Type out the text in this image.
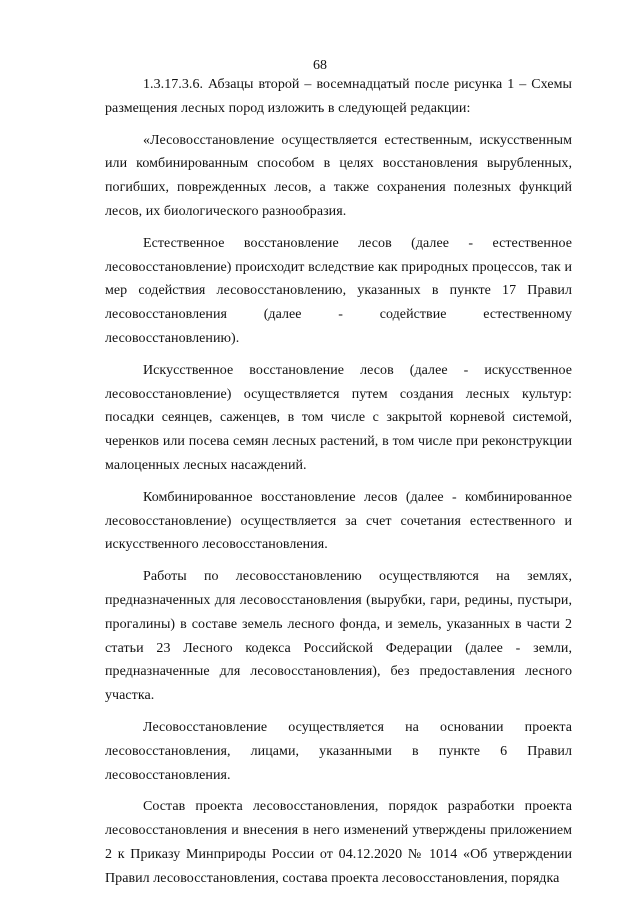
68

1.3.17.3.6. Абзацы второй – восемнадцатый после рисунка 1 – Схемы размещения лесных пород изложить в следующей редакции:

«Лесовосстановление осуществляется естественным, искусственным или комбинированным способом в целях восстановления вырубленных, погибших, поврежденных лесов, а также сохранения полезных функций лесов, их биологического разнообразия.

Естественное восстановление лесов (далее - естественное лесовосстановление) происходит вследствие как природных процессов, так и мер содействия лесовосстановлению, указанных в пункте 17 Правил лесовосстановления (далее - содействие естественному лесовосстановлению).

Искусственное восстановление лесов (далее - искусственное лесовосстановление) осуществляется путем создания лесных культур: посадки сеянцев, саженцев, в том числе с закрытой корневой системой, черенков или посева семян лесных растений, в том числе при реконструкции малоценных лесных насаждений.

Комбинированное восстановление лесов (далее - комбинированное лесовосстановление) осуществляется за счет сочетания естественного и искусственного лесовосстановления.

Работы по лесовосстановлению осуществляются на землях, предназначенных для лесовосстановления (вырубки, гари, редины, пустыри, прогалины) в составе земель лесного фонда, и земель, указанных в части 2 статьи 23 Лесного кодекса Российской Федерации (далее - земли, предназначенные для лесовосстановления), без предоставления лесного участка.

Лесовосстановление осуществляется на основании проекта лесовосстановления, лицами, указанными в пункте 6 Правил лесовосстановления.

Состав проекта лесовосстановления, порядок разработки проекта лесовосстановления и внесения в него изменений утверждены приложением 2 к Приказу Минприроды России от 04.12.2020 № 1014 «Об утверждении Правил лесовосстановления, состава проекта лесовосстановления, порядка
